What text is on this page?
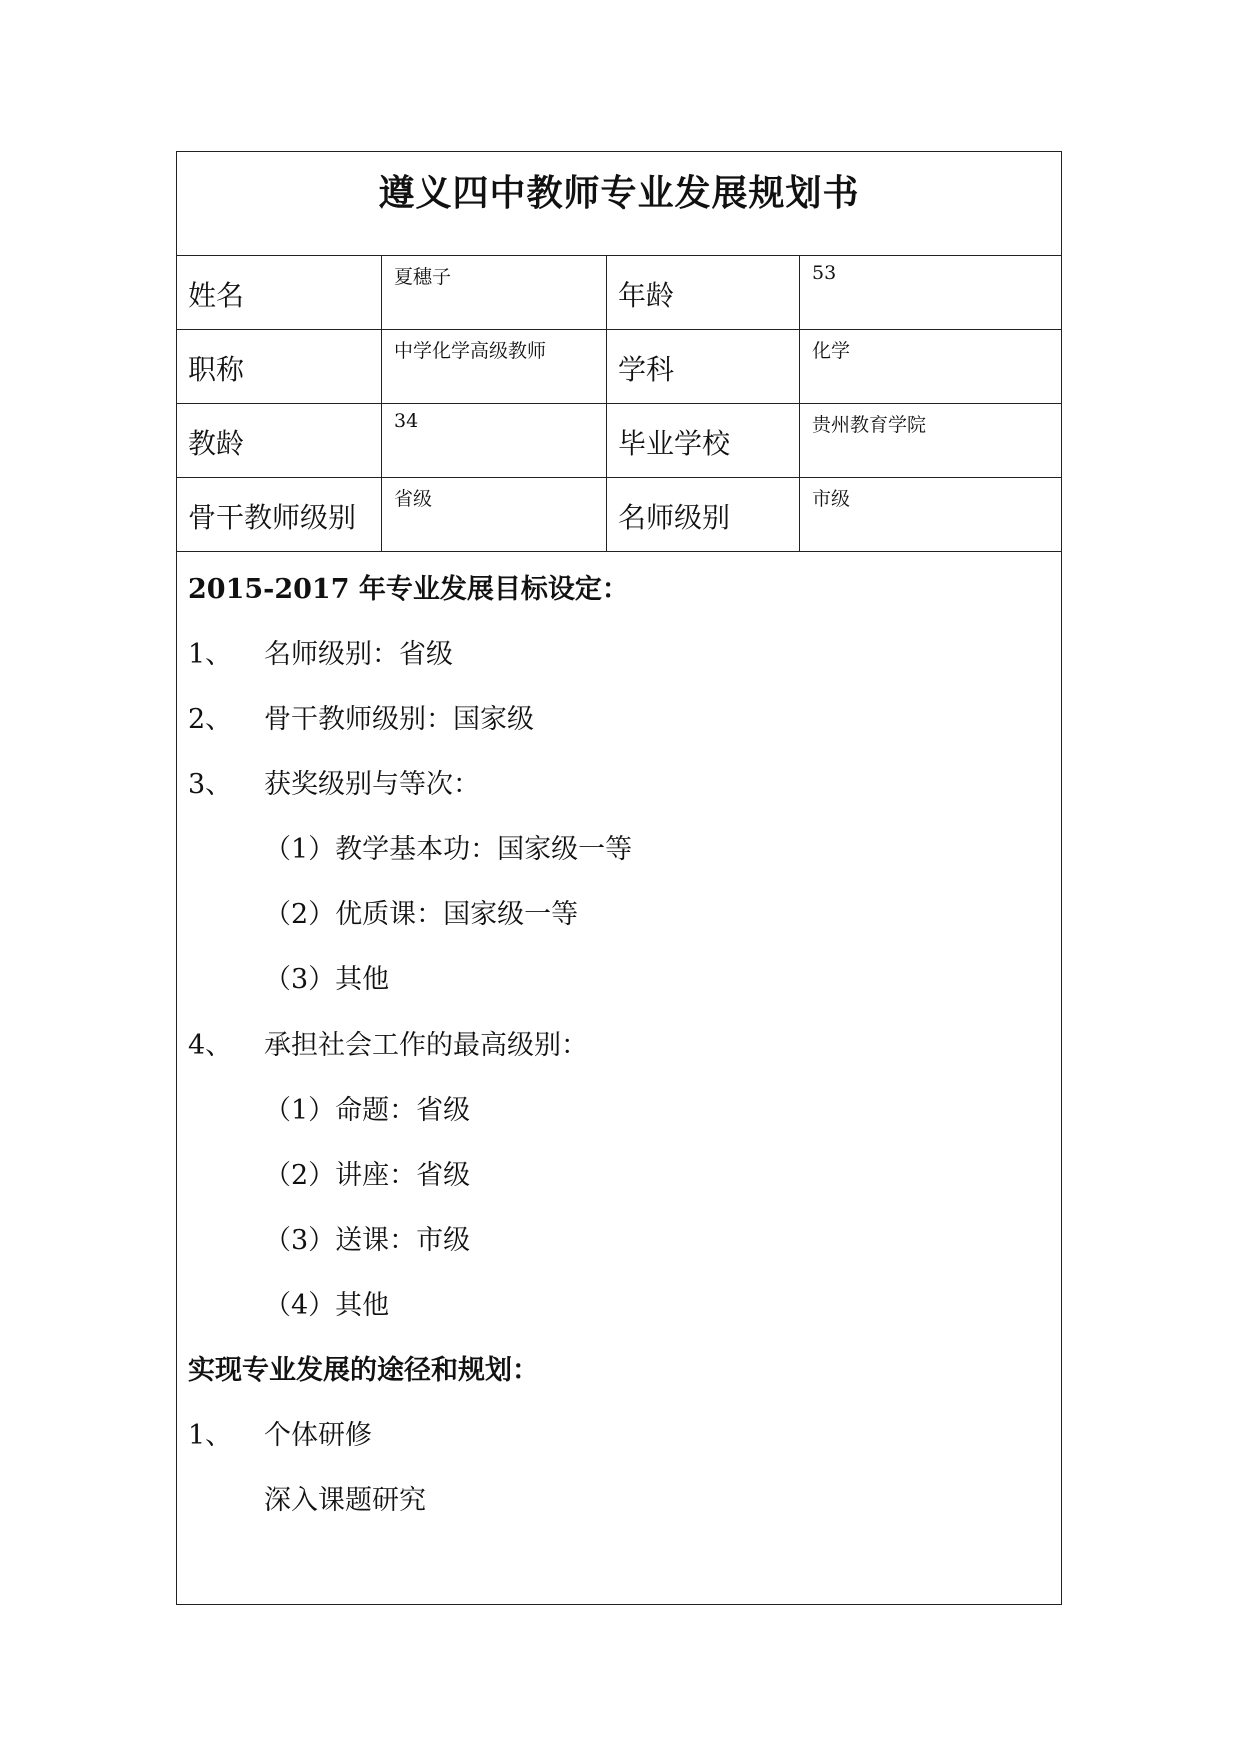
遵义四中教师专业发展规划书
姓名
夏穗子
年龄
53
职称
中学化学高级教师
学科
化学
教龄
34
毕业学校
贵州教育学院
骨干教师级别
省级
名师级别
市级
2015-2017 年专业发展目标设定：
1、 名师级别：省级
2、 骨干教师级别：国家级
3、 获奖级别与等次：
（1）教学基本功：国家级一等
（2）优质课：国家级一等
（3）其他
4、 承担社会工作的最高级别：
（1）命题：省级
（2）讲座：省级
（3）送课：市级
（4）其他
实现专业发展的途径和规划：
1、 个体研修
深入课题研究
